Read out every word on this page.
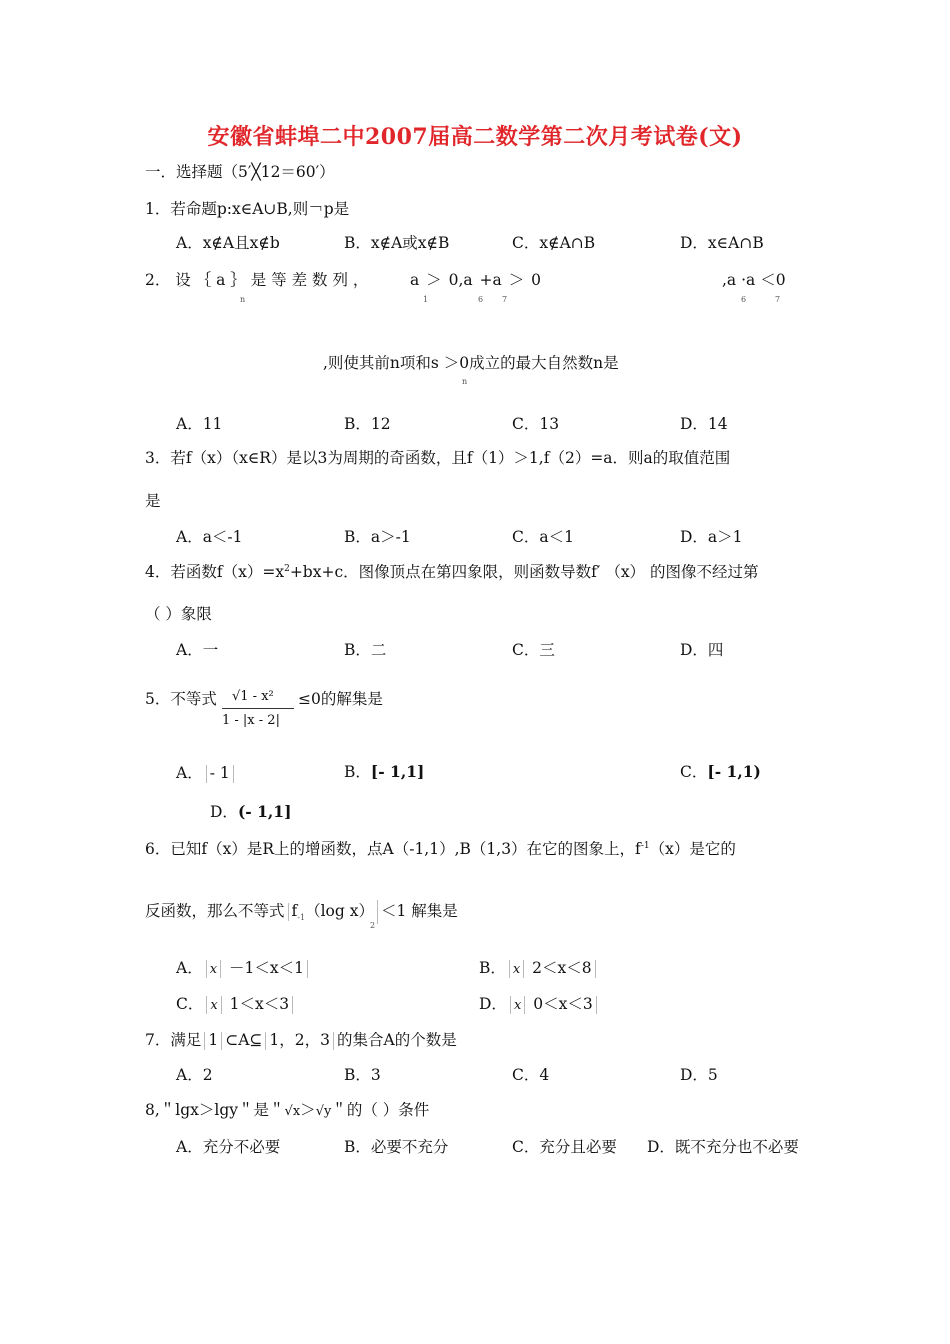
安徽省蚌埠二中2007届高二数学第二次月考试卷(文)
一．选择题（5′╳12＝60′）
1．若命题p:x∈A∪B,则￢p是
A．x∉A且x∉b	B．x∉A或x∉B	C．x∉A∩B	D．x∈A∩B
2． 设 ｛ a ｝ 是 等 差 数 列 ，
n
a ＞ 0,a +a ＞ 0
1	6 7
,a ·a ＜0
6	7
,则使其前n项和s ＞0成立的最大自然数n是
n
A．11	B．12	C．13	D．14
3．若f（x）（x∈R）是以3为周期的奇函数，且f（1）＞1,f（2）=a．则a的取值范围
是
A．a＜-1	B．a＞-1	C．a＜1	D．a＞1
4．若函数$f(x)=x^2+bx+c$．图像顶点在第四象限，则函数导数f′ （x） 的图像不经过第
（ ）象限
A．一	B．二	C．三	D．四
5．不等式 √1 - x²
1 - |x - 2|
≤0的解集是
A． - 1	B．[- 1,1]	C．[- 1,1)
D．(- 1,1]
6．已知f（x）是R上的增函数，点A（-1,1）,B（1,3）在它的图象上，$f^{-1}(x)$是它的
反函数，那么不等式 $f_{-1}(\log$ x） ＜1 解集是
2
A． x －1＜x＜1	B． x 2＜x＜8
C． x 1＜x＜3	D． x 0＜x＜3
7．满足 1 ⊂A⊆ 1，2，3 的集合A的个数是
A．2	B．3	C．4	D．5
8,＂lgx＞lgy＂是＂√x＞√y＂的（ ）条件
A．充分不必要	B．必要不充分	C．充分且必要 D．既不充分也不必要
